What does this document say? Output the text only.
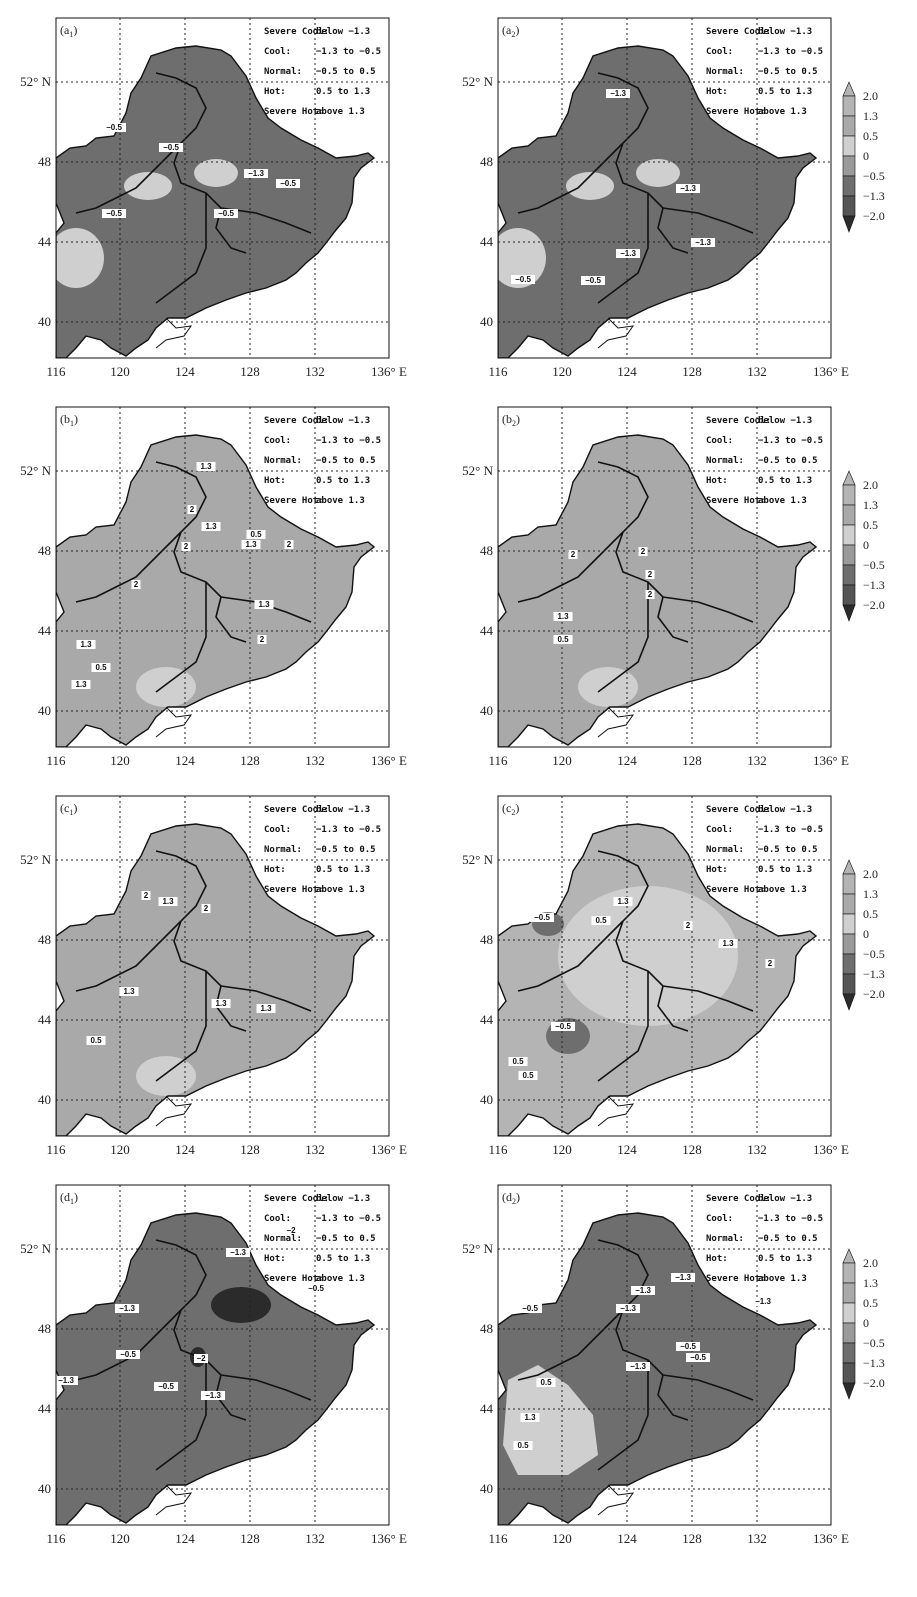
−0.5
−0.5
−1.3
−0.5
−0.5	−0.5
$(a_1)$	Severe Cool:
below −1.3
Cool:	−1.3 to −0.5
Normal: −0.5 to 0.5
Hot:	0.5 to 1.3
Severe Hot:
above 1.3
116	120	124	128	132	136° E
52° N
48
44
40
−1.3
−1.3
−1.3
−1.3
−0.5	−0.5
$(a_2)$	Severe Cool:
below −1.3
Cool:	−1.3 to −0.5
Normal: −0.5 to 0.5
Hot:	0.5 to 1.3
Severe Hot:
above 1.3
116	120	124	128	132	136° E
52° N
48
44
40
2.0
1.3
0.5
0
−0.5
−1.3
−2.0
1.3
2
1.3
2
0.5
1.3	2
2
1.3
2
1.3
0.5
1.3
$(b_1)$	Severe Cool:
below −1.3
Cool:	−1.3 to −0.5
Normal: −0.5 to 0.5
Hot:	0.5 to 1.3
Severe Hot:
above 1.3
116	120	124	128	132	136° E
52° N
48
44
40
2	2
2
2
1.3
0.5
$(b_2)$	Severe Cool:
below −1.3
Cool:	−1.3 to −0.5
Normal: −0.5 to 0.5
Hot:	0.5 to 1.3
Severe Hot:
above 1.3
116	120	124	128	132	136° E
52° N
48
44
40
2.0
1.3
0.5
0
−0.5
−1.3
−2.0
2
1.3
2
1.3
1.3
1.3
0.5
$(c_1)$	Severe Cool:
below −1.3
Cool:	−1.3 to −0.5
Normal: −0.5 to 0.5
Hot:	0.5 to 1.3
Severe Hot:
above 1.3
116	120	124	128	132	136° E
52° N
48
44
40
1.3
−0.5	0.5
2
1.3
2
−0.5
0.5
0.5
$(c_2)$	Severe Cool:
below −1.3
Cool:	−1.3 to −0.5
Normal: −0.5 to 0.5
Hot:	0.5 to 1.3
Severe Hot:
above 1.3
116	120	124	128	132	136° E
52° N
48
44
40
2.0
1.3
0.5
0
−0.5
−1.3
−2.0
−2
−1.3
−1.3
−0.5
−1.3
−2
−0.5
−0.5
−1.3
$(d_1)$	Severe Cool:
below −1.3
Cool:	−1.3 to −0.5
Normal: −0.5 to 0.5
Hot:	0.5 to 1.3
Severe Hot:
above 1.3
116	120	124	128	132	136° E
52° N
48
44
40
−1.3
−1.3
−1.3
−1.3
−0.5
−0.5
−1.3
−0.5
0.5
1.3
0.5
$(d_2)$	Severe Cool:
below −1.3
Cool:	−1.3 to −0.5
Normal: −0.5 to 0.5
Hot:	0.5 to 1.3
Severe Hot:
above 1.3
116	120	124	128	132	136° E
52° N
48
44
40
2.0
1.3
0.5
0
−0.5
−1.3
−2.0
